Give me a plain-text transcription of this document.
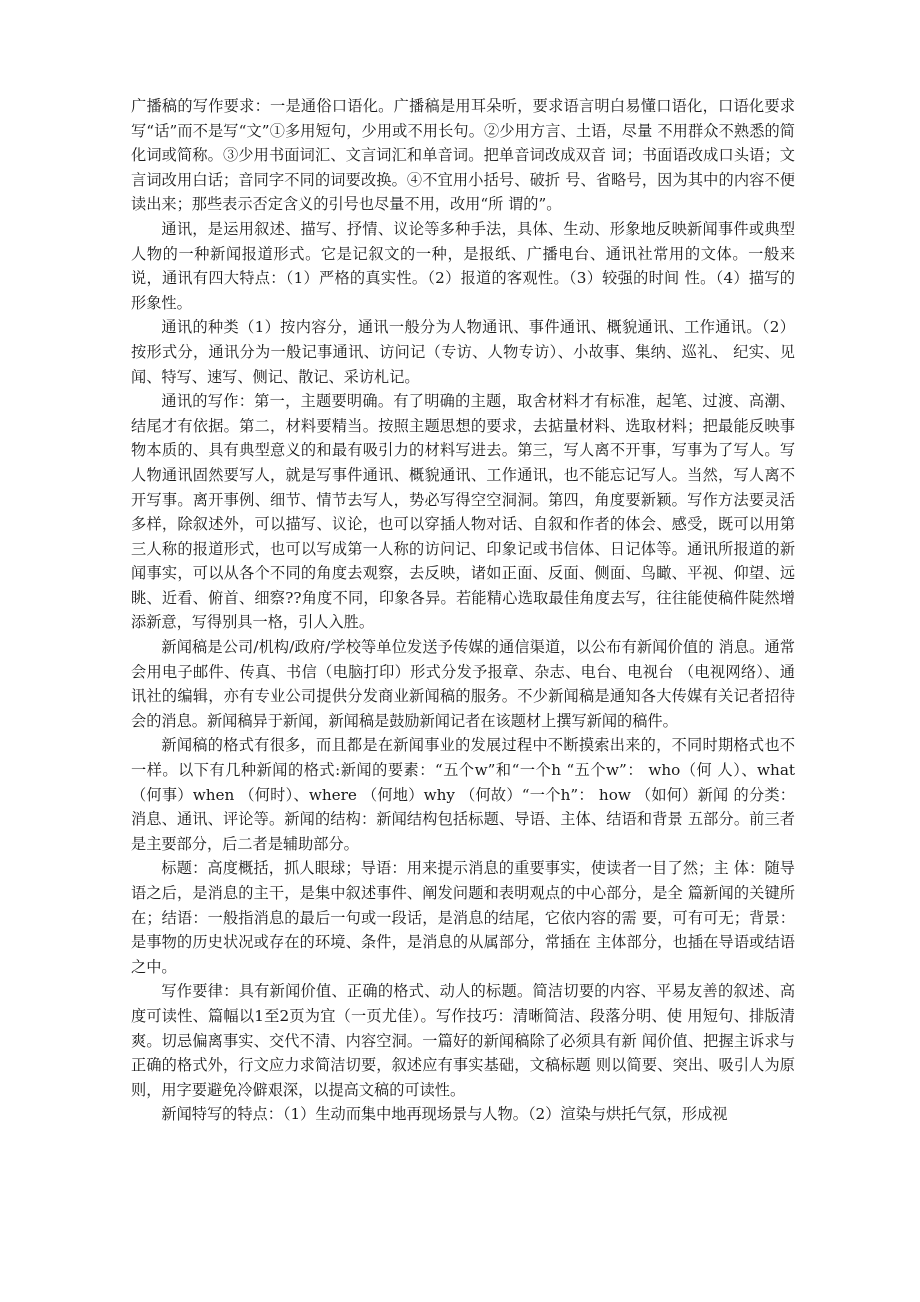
广播稿的写作要求：一是通俗口语化。广播稿是用耳朵听，要求语言明白易懂口语化，口语化要求写“话”而不是写“文”①多用短句，少用或不用长句。②少用方言、土语，尽量 不用群众不熟悉的简化词或简称。③少用书面词汇、文言词汇和单音词。把单音词改成双音 词；书面语改成口头语；文言词改用白话；音同字不同的词要改换。④不宜用小括号、破折 号、省略号，因为其中的内容不便读出来；那些表示否定含义的引号也尽量不用，改用“所 谓的”。

通讯，是运用叙述、描写、抒情、议论等多种手法，具体、生动、形象地反映新闻事件或典型人物的一种新闻报道形式。它是记叙文的一种，是报纸、广播电台、通讯社常用的文体。一般来说，通讯有四大特点：（1）严格的真实性。（2）报道的客观性。（3）较强的时间 性。（4）描写的形象性。

通讯的种类（1）按内容分，通讯一般分为人物通讯、事件通讯、概貌通讯、工作通讯。（2）按形式分，通讯分为一般记事通讯、访问记（专访、人物专访）、小故事、集纳、巡礼、 纪实、见闻、特写、速写、侧记、散记、采访札记。

通讯的写作：第一，主题要明确。有了明确的主题，取舍材料才有标准，起笔、过渡、高潮、结尾才有依据。第二，材料要精当。按照主题思想的要求，去掂量材料、选取材料；把最能反映事物本质的、具有典型意义的和最有吸引力的材料写进去。第三，写人离不开事，写事为了写人。写人物通讯固然要写人，就是写事件通讯、概貌通讯、工作通讯，也不能忘记写人。当然，写人离不开写事。离开事例、细节、情节去写人，势必写得空空洞洞。第四，角度要新颖。写作方法要灵活多样，除叙述外，可以描写、议论，也可以穿插人物对话、自叙和作者的体会、感受，既可以用第三人称的报道形式，也可以写成第一人称的访问记、印象记或书信体、日记体等。通讯所报道的新闻事实，可以从各个不同的角度去观察，去反映，诸如正面、反面、侧面、鸟瞰、平视、仰望、远眺、近看、俯首、细察??角度不同，印象各异。若能精心选取最佳角度去写，往往能使稿件陡然增添新意，写得别具一格，引人入胜。

新闻稿是公司/机构/政府/学校等单位发送予传媒的通信渠道，以公布有新闻价值的 消息。通常会用电子邮件、传真、书信（电脑打印）形式分发予报章、杂志、电台、电视台 （电视网络）、通讯社的编辑，亦有专业公司提供分发商业新闻稿的服务。不少新闻稿是通知各大传媒有关记者招待会的消息。新闻稿异于新闻，新闻稿是鼓励新闻记者在该题材上撰写新闻的稿件。

新闻稿的格式有很多，而且都是在新闻事业的发展过程中不断摸索出来的，不同时期格式也不一样。以下有几种新闻的格式:新闻的要素：“五个w”和“一个h “五个w”： who（何 人）、what （何事）when （何时）、where （何地）why （何故）“一个h”： how （如何）新闻 的分类：消息、通讯、评论等。新闻的结构：新闻结构包括标题、导语、主体、结语和背景 五部分。前三者是主要部分，后二者是辅助部分。

标题：高度概括，抓人眼球；导语：用来提示消息的重要事实，使读者一目了然；主 体：随导语之后，是消息的主干，是集中叙述事件、阐发问题和表明观点的中心部分，是全 篇新闻的关键所在；结语：一般指消息的最后一句或一段话，是消息的结尾，它依内容的需 要，可有可无；背景：是事物的历史状况或存在的环境、条件，是消息的从属部分，常插在 主体部分，也插在导语或结语之中。

写作要律：具有新闻价值、正确的格式、动人的标题。简洁切要的内容、平易友善的叙述、高度可读性、篇幅以1至2页为宜（一页尤佳）。写作技巧：清晰简洁、段落分明、使 用短句、排版清爽。切忌偏离事实、交代不清、内容空洞。一篇好的新闻稿除了必须具有新 闻价值、把握主诉求与正确的格式外，行文应力求简洁切要，叙述应有事实基础，文稿标题 则以简要、突出、吸引人为原则，用字要避免冷僻艰深，以提高文稿的可读性。

新闻特写的特点：（1）生动而集中地再现场景与人物。（2）渲染与烘托气氛，形成视
